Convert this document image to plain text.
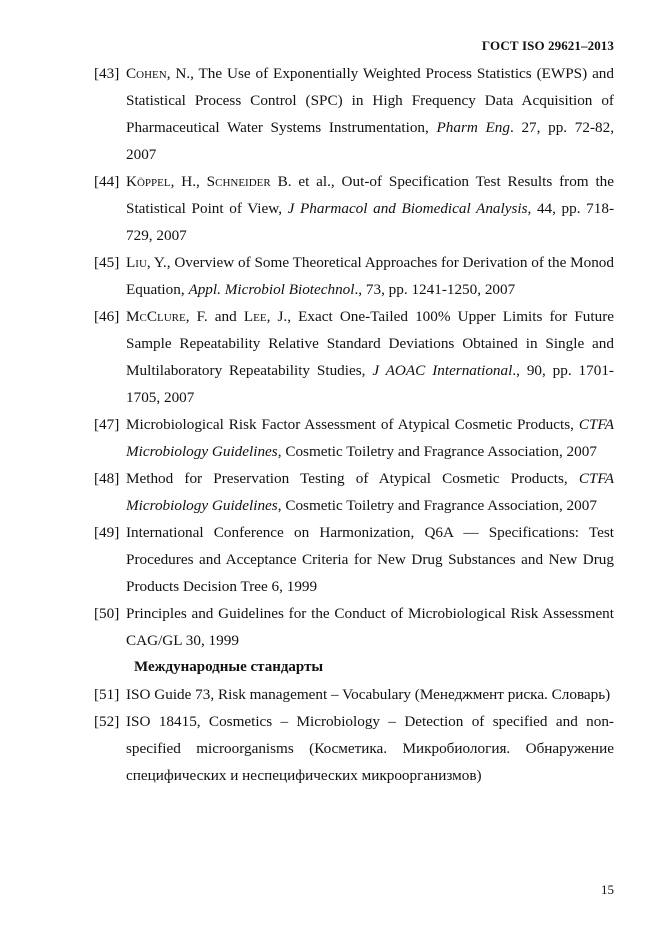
ГОСТ ISO 29621–2013
[43] Cohen, N., The Use of Exponentially Weighted Process Statistics (EWPS) and Statistical Process Control (SPC) in High Frequency Data Acquisition of Pharmaceutical Water Systems Instrumentation, Pharm Eng. 27, pp. 72-82, 2007
[44] Köppel, H., Schneider B. et al., Out-of Specification Test Results from the Statistical Point of View, J Pharmacol and Biomedical Analysis, 44, pp. 718-729, 2007
[45] Liu, Y., Overview of Some Theoretical Approaches for Derivation of the Monod Equation, Appl. Microbiol Biotechnol., 73, pp. 1241-1250, 2007
[46] McClure, F. and Lee, J., Exact One-Tailed 100% Upper Limits for Future Sample Repeatability Relative Standard Deviations Obtained in Single and Multilaboratory Repeatability Studies, J AOAC International., 90, pp. 1701-1705, 2007
[47] Microbiological Risk Factor Assessment of Atypical Cosmetic Products, CTFA Microbiology Guidelines, Cosmetic Toiletry and Fragrance Association, 2007
[48] Method for Preservation Testing of Atypical Cosmetic Products, CTFA Microbiology Guidelines, Cosmetic Toiletry and Fragrance Association, 2007
[49] International Conference on Harmonization, Q6A — Specifications: Test Procedures and Acceptance Criteria for New Drug Substances and New Drug Products Decision Tree 6, 1999
[50] Principles and Guidelines for the Conduct of Microbiological Risk Assessment CAG/GL 30, 1999
Международные стандарты
[51] ISO Guide 73, Risk management – Vocabulary (Менеджмент риска. Словарь)
[52] ISO 18415, Cosmetics – Microbiology – Detection of specified and non-specified microorganisms (Косметика. Микробиология. Обнаружение специфических и неспецифических микроорганизмов)
15
